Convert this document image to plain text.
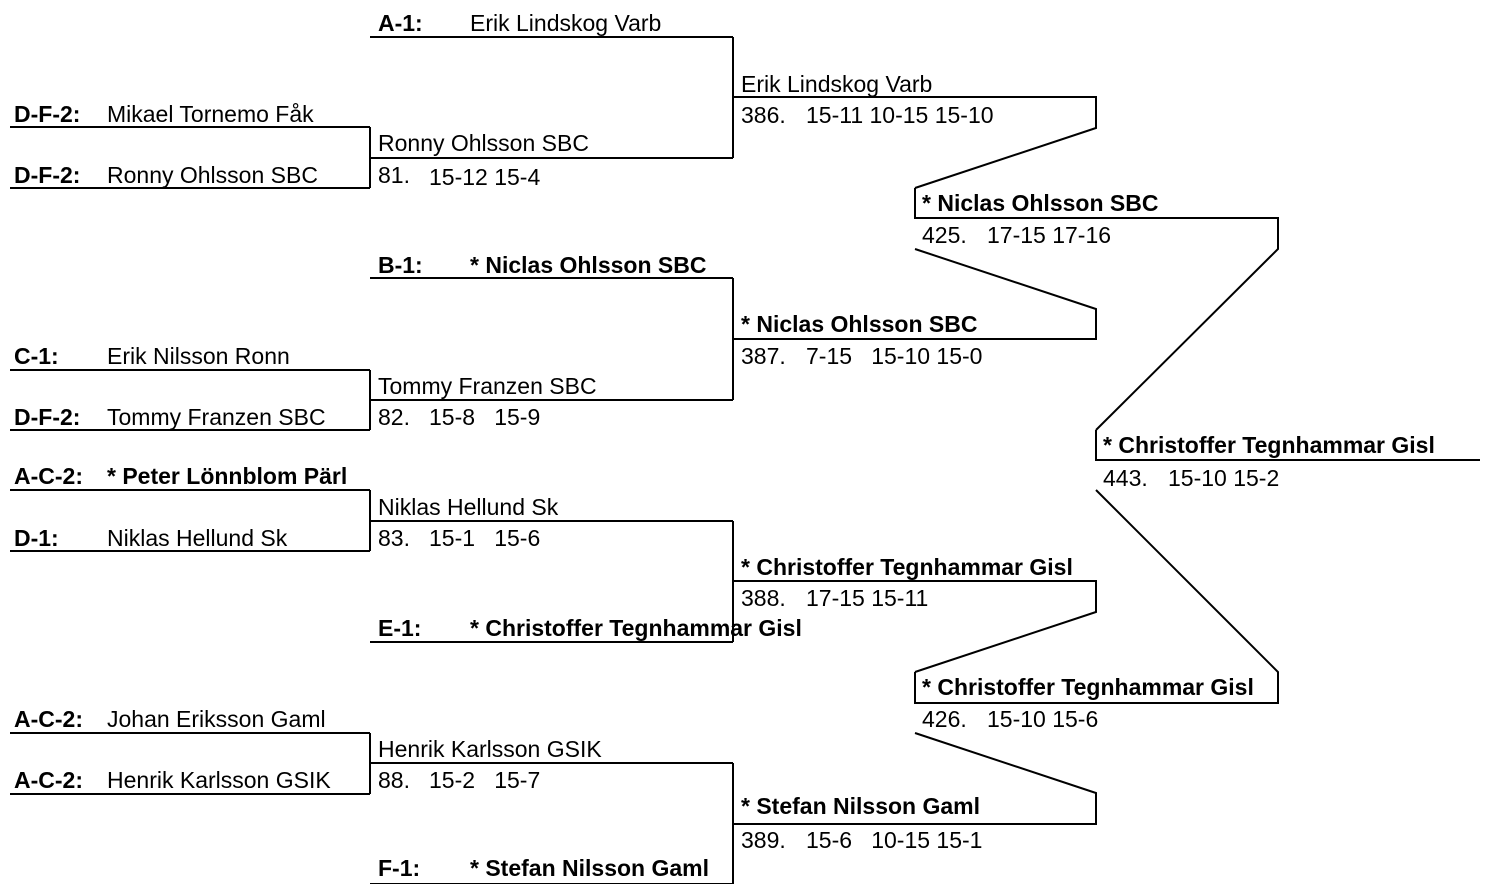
D-F-2: Mikael Tornemo Fåk
D-F-2: Ronny Ohlsson SBC
C-1: Erik Nilsson Ronn
D-F-2: Tommy Franzen SBC
A-C-2: * Peter Lönnblom Pärl
D-1: Niklas Hellund Sk
A-C-2: Johan Eriksson Gaml
A-C-2: Henrik Karlsson GSIK
A-1: Erik Lindskog Varb
Ronny Ohlsson SBC
81. 15-12 15-4
B-1: * Niclas Ohlsson SBC
Tommy Franzen SBC
82. 15-8   15-9
Niklas Hellund Sk
83. 15-1   15-6
E-1: * Christoffer Tegnhammar Gisl
Henrik Karlsson GSIK
88. 15-2   15-7
F-1: * Stefan Nilsson Gaml
Erik Lindskog Varb
386. 15-11 10-15 15-10
* Niclas Ohlsson SBC
387. 7-15   15-10 15-0
* Christoffer Tegnhammar Gisl
388. 17-15 15-11
* Stefan Nilsson Gaml
389. 15-6   10-15 15-1
* Niclas Ohlsson SBC
425. 17-15 17-16
* Christoffer Tegnhammar Gisl
426. 15-10 15-6
* Christoffer Tegnhammar Gisl
443. 15-10 15-2
